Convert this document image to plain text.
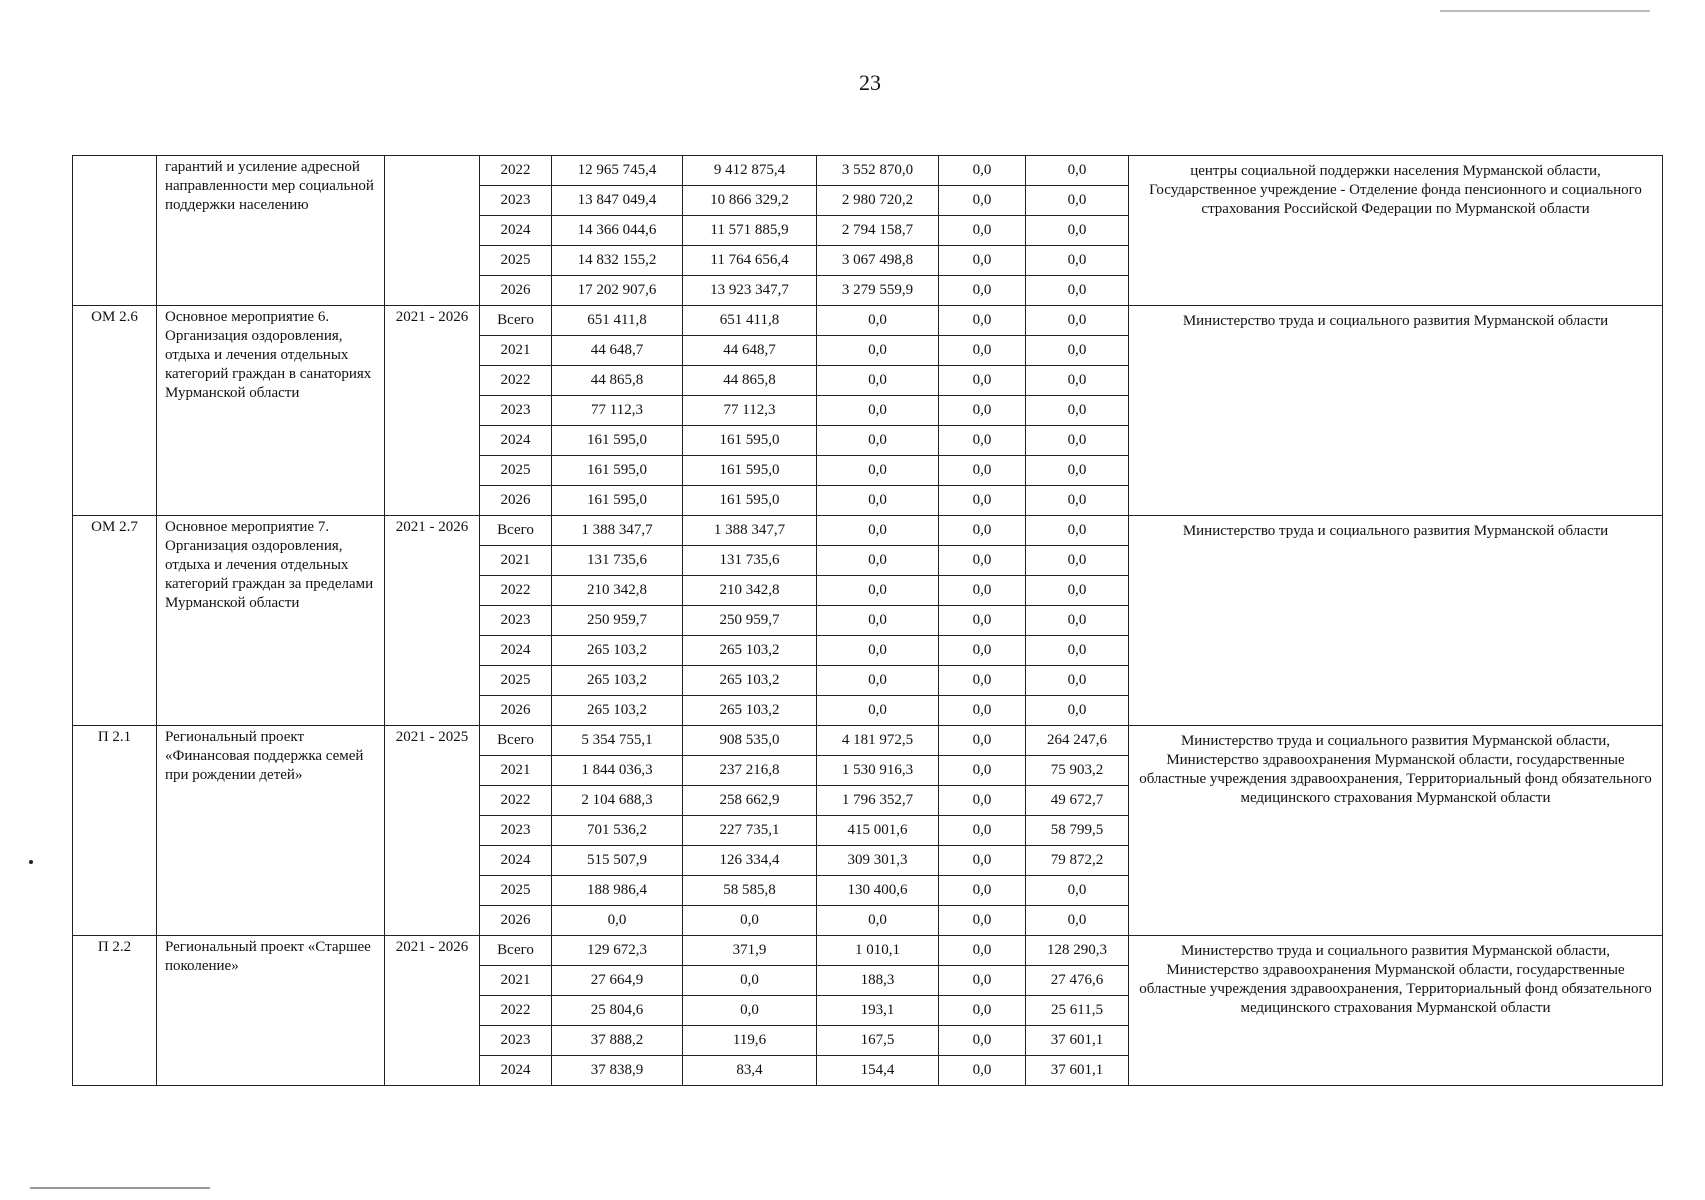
23
	гарантий и усиление адресной направленности мер социальной поддержки населению		2022	12 965 745,4	9 412 875,4	3 552 870,0	0,0	0,0	центры социальной поддержки населения Мурманской области, Государственное учреждение - Отделение фонда пенсионного и социального страхования Российской Федерации по Мурманской области
			2023	13 847 049,4	10 866 329,2	2 980 720,2	0,0	0,0	
			2024	14 366 044,6	11 571 885,9	2 794 158,7	0,0	0,0	
			2025	14 832 155,2	11 764 656,4	3 067 498,8	0,0	0,0	
			2026	17 202 907,6	13 923 347,7	3 279 559,9	0,0	0,0	
ОМ 2.6	Основное мероприятие 6. Организация оздоровления, отдыха и лечения отдельных категорий граждан в санаториях Мурманской области	2021 - 2026	Всего	651 411,8	651 411,8	0,0	0,0	0,0	Министерство труда и социального развития Мурманской области
			2021	44 648,7	44 648,7	0,0	0,0	0,0	
			2022	44 865,8	44 865,8	0,0	0,0	0,0	
			2023	77 112,3	77 112,3	0,0	0,0	0,0	
			2024	161 595,0	161 595,0	0,0	0,0	0,0	
			2025	161 595,0	161 595,0	0,0	0,0	0,0	
			2026	161 595,0	161 595,0	0,0	0,0	0,0	
ОМ 2.7	Основное мероприятие 7. Организация оздоровления, отдыха и лечения отдельных категорий граждан за пределами Мурманской области	2021 - 2026	Всего	1 388 347,7	1 388 347,7	0,0	0,0	0,0	Министерство труда и социального развития Мурманской области
			2021	131 735,6	131 735,6	0,0	0,0	0,0	
			2022	210 342,8	210 342,8	0,0	0,0	0,0	
			2023	250 959,7	250 959,7	0,0	0,0	0,0	
			2024	265 103,2	265 103,2	0,0	0,0	0,0	
			2025	265 103,2	265 103,2	0,0	0,0	0,0	
			2026	265 103,2	265 103,2	0,0	0,0	0,0	
П 2.1	Региональный проект «Финансовая поддержка семей при рождении детей»	2021 - 2025	Всего	5 354 755,1	908 535,0	4 181 972,5	0,0	264 247,6	Министерство труда и социального развития Мурманской области, Министерство здравоохранения Мурманской области, государственные областные учреждения здравоохранения, Территориальный фонд обязательного медицинского страхования Мурманской области
			2021	1 844 036,3	237 216,8	1 530 916,3	0,0	75 903,2	
			2022	2 104 688,3	258 662,9	1 796 352,7	0,0	49 672,7	
			2023	701 536,2	227 735,1	415 001,6	0,0	58 799,5	
			2024	515 507,9	126 334,4	309 301,3	0,0	79 872,2	
			2025	188 986,4	58 585,8	130 400,6	0,0	0,0	
			2026	0,0	0,0	0,0	0,0	0,0	
П 2.2	Региональный проект «Старшее поколение»	2021 - 2026	Всего	129 672,3	371,9	1 010,1	0,0	128 290,3	Министерство труда и социального развития Мурманской области, Министерство здравоохранения Мурманской области, государственные областные учреждения здравоохранения, Территориальный фонд обязательного медицинского страхования Мурманской области
			2021	27 664,9	0,0	188,3	0,0	27 476,6	
			2022	25 804,6	0,0	193,1	0,0	25 611,5	
			2023	37 888,2	119,6	167,5	0,0	37 601,1	
			2024	37 838,9	83,4	154,4	0,0	37 601,1	
